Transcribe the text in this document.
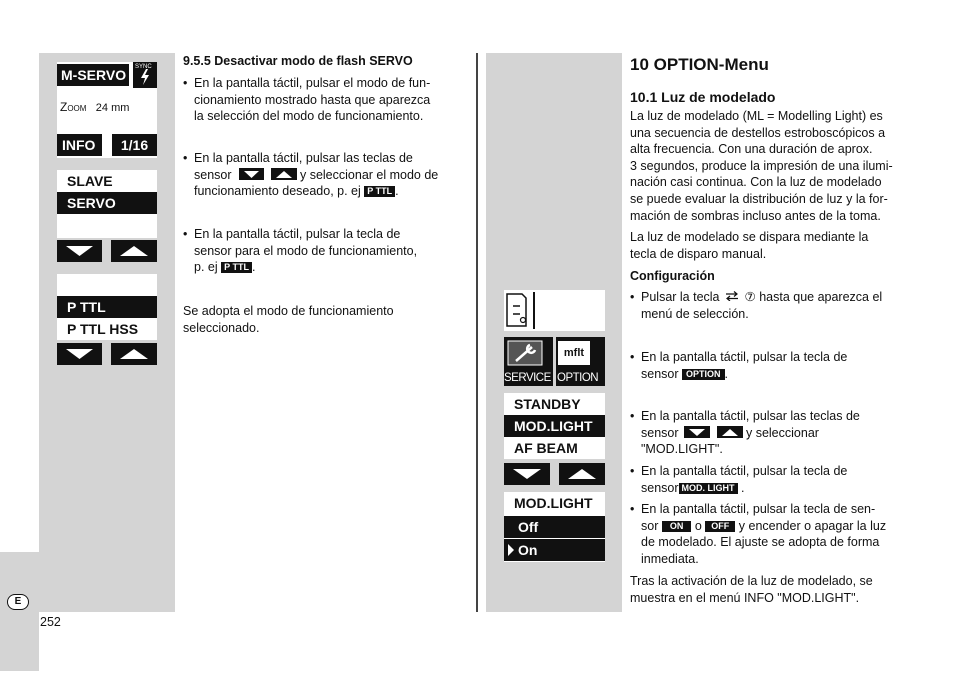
M-SERVO	SYNC
Zoom 24 mm
INFO	1/16
SLAVE
SERVO
P TTL
P TTL HSS
9.5.5 Desactivar modo de flash SERVO
• En la pantalla táctil, pulsar el modo de fun-
cionamiento mostrado hasta que aparezca
la selección del modo de funcionamiento.
• En la pantalla táctil, pulsar las teclas de
sensor
	y seleccionar el modo de
funcionamiento deseado, p. ej P TTL .
• En la pantalla táctil, pulsar la tecla de
sensor para el modo de funcionamiento,
p. ej P TTL .
Se adopta el modo de funcionamiento
seleccionado.
SERVICE
mflt
OPTION
STANDBY
MOD.LIGHT
AF BEAM
MOD.LIGHT
Off
On
10 OPTION-Menu
10.1 Luz de modelado
La luz de modelado (ML = Modelling Light) es
una secuencia de destellos estroboscópicos a
alta frecuencia. Con una duración de aprox.
3 segundos, produce la impresión de una ilumi-
nación casi continua. Con la luz de modelado
se puede evaluar la distribución de luz y la for-
mación de sombras incluso antes de la toma.
La luz de modelado se dispara mediante la
tecla de disparo manual.
Configuración
• Pulsar la tecla ⑦ hasta que aparezca el
menú de selección.
• En la pantalla táctil, pulsar la tecla de
sensor OPTION .
• En la pantalla táctil, pulsar las teclas de
sensor
	y seleccionar
"MOD.LIGHT".
• En la pantalla táctil, pulsar la tecla de
sensor MOD. LIGHT .
• En la pantalla táctil, pulsar la tecla de sen-
sor ON o OFF y encender o apagar la luz
de modelado. El ajuste se adopta de forma
inmediata.
Tras la activación de la luz de modelado, se
muestra en el menú INFO "MOD.LIGHT".
E
252
